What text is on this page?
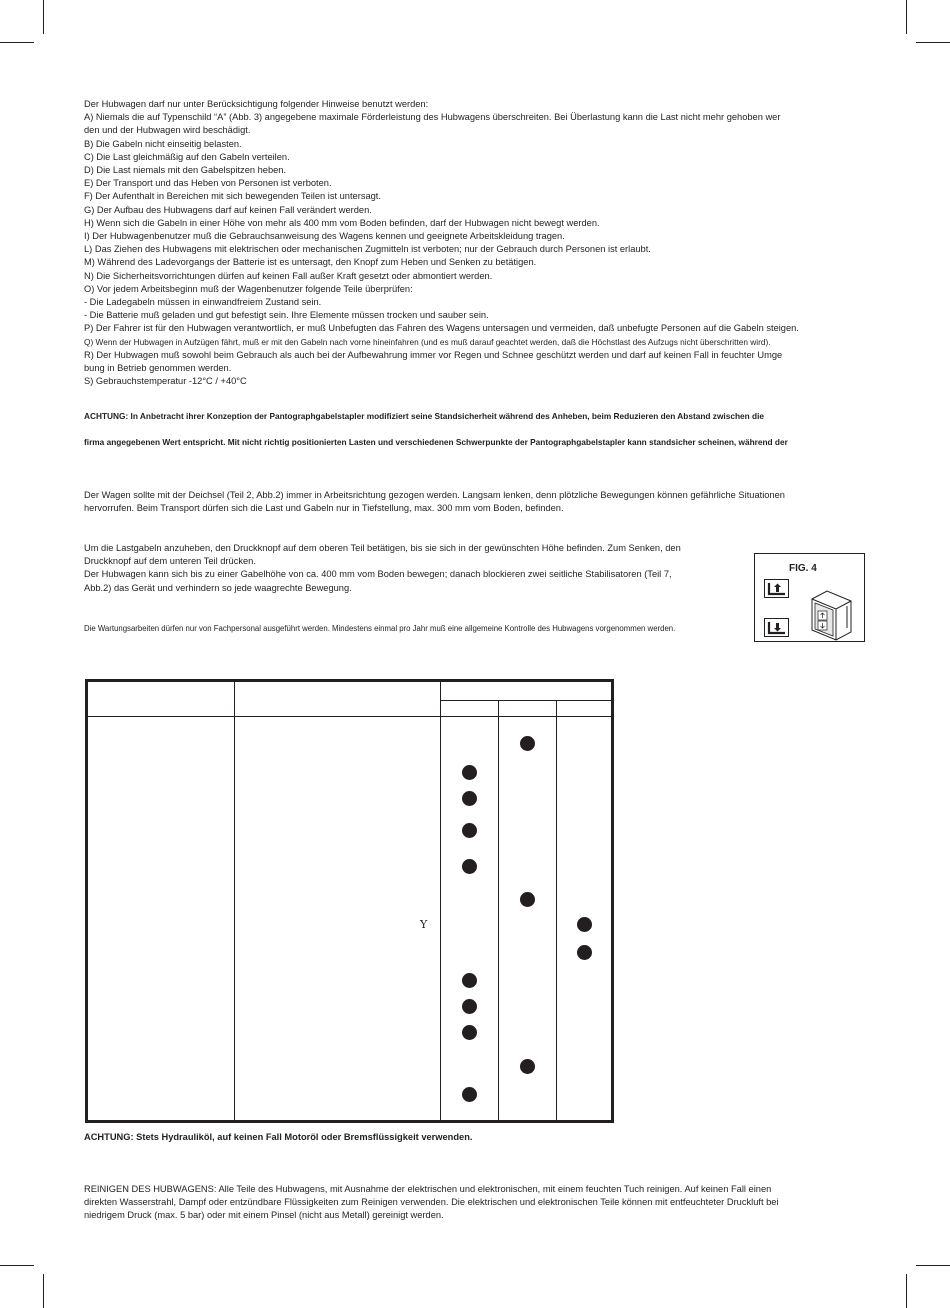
Der Hubwagen darf nur unter Berücksichtigung folgender Hinweise benutzt werden:
A) Niemals die auf Typenschild “A” (Abb. 3) angegebene maximale Förderleistung des Hubwagens überschreiten. Bei Überlastung kann die Last nicht mehr gehoben wer
den und der Hubwagen wird beschädigt.
B) Die Gabeln nicht einseitig belasten.
C) Die Last gleichmäßig auf den Gabeln verteilen.
D) Die Last niemals mit den Gabelspitzen heben.
E) Der Transport und das Heben von Personen ist verboten.
F) Der Aufenthalt in Bereichen mit sich bewegenden Teilen ist untersagt.
G) Der Aufbau des Hubwagens darf auf keinen Fall verändert werden.
H) Wenn sich die Gabeln in einer Höhe von mehr als 400 mm vom Boden befinden, darf der Hubwagen nicht bewegt werden.
I) Der Hubwagenbenutzer muß die Gebrauchsanweisung des Wagens kennen und geeignete Arbeitskleidung tragen.
L) Das Ziehen des Hubwagens mit elektrischen oder mechanischen Zugmitteln ist verboten; nur der Gebrauch durch Personen ist erlaubt.
M) Während des Ladevorgangs der Batterie ist es untersagt, den Knopf zum Heben und Senken zu betätigen.
N) Die Sicherheitsvorrichtungen dürfen auf keinen Fall außer Kraft gesetzt oder abmontiert werden.
O) Vor jedem Arbeitsbeginn muß der Wagenbenutzer folgende Teile überprüfen:
- Die Ladegabeln müssen in einwandfreiem Zustand sein.
- Die Batterie muß geladen und gut befestigt sein. Ihre Elemente müssen trocken und sauber sein.
P) Der Fahrer ist für den Hubwagen verantwortlich, er muß Unbefugten das Fahren des Wagens untersagen und vermeiden, daß unbefugte Personen auf die Gabeln steigen.
Q) Wenn der Hubwagen in Aufzügen fährt, muß er mit den Gabeln nach vorne hineinfahren (und es muß darauf geachtet werden, daß die Höchstlast des Aufzugs nicht überschritten wird).
R) Der Hubwagen muß sowohl beim Gebrauch als auch bei der Aufbewahrung immer vor Regen und Schnee geschützt werden und darf auf keinen Fall in feuchter Umge
bung in Betrieb genommen werden.
S) Gebrauchstemperatur -12°C / +40°C
ACHTUNG: In Anbetracht ihrer Konzeption der Pantographgabelstapler modifiziert seine Standsicherheit während des Anheben, beim Reduzieren den Abstand zwischen die
firma angegebenen Wert entspricht. Mit nicht richtig positionierten Lasten und verschiedenen Schwerpunkte der Pantographgabelstapler kann standsicher scheinen, während der
Der Wagen sollte mit der Deichsel (Teil 2, Abb.2) immer in Arbeitsrichtung gezogen werden. Langsam lenken, denn plötzliche Bewegungen können gefährliche Situationen
hervorrufen. Beim Transport dürfen sich die Last und Gabeln nur in Tiefstellung, max. 300 mm vom Boden, befinden.
Um die Lastgabeln anzuheben, den Druckknopf auf dem oberen Teil betätigen, bis sie sich in der gewünschten Höhe befinden. Zum Senken, den
Druckknopf auf dem unteren Teil drücken.
Der Hubwagen kann sich bis zu einer Gabelhöhe von ca. 400 mm vom Boden bewegen; danach blockieren zwei seitliche Stabilisatoren (Teil 7,
Abb.2) das Gerät und verhindern so jede waagrechte Bewegung.
Die Wartungsarbeiten dürfen nur von Fachpersonal ausgeführt werden. Mindestens einmal pro Jahr muß eine allgemeine Kontrolle des Hubwagens vorgenommen werden.
FIG. 4
Y
ACHTUNG: Stets Hydrauliköl, auf keinen Fall Motoröl oder Bremsflüssigkeit verwenden.
REINIGEN DES HUBWAGENS: Alle Teile des Hubwagens, mit Ausnahme der elektrischen und elektronischen, mit einem feuchten Tuch reinigen. Auf keinen Fall einen
direkten Wasserstrahl, Dampf oder entzündbare Flüssigkeiten zum Reinigen verwenden. Die elektrischen und elektronischen Teile können mit entfeuchteter Druckluft bei
niedrigem Druck (max. 5 bar) oder mit einem Pinsel (nicht aus Metall) gereinigt werden.
